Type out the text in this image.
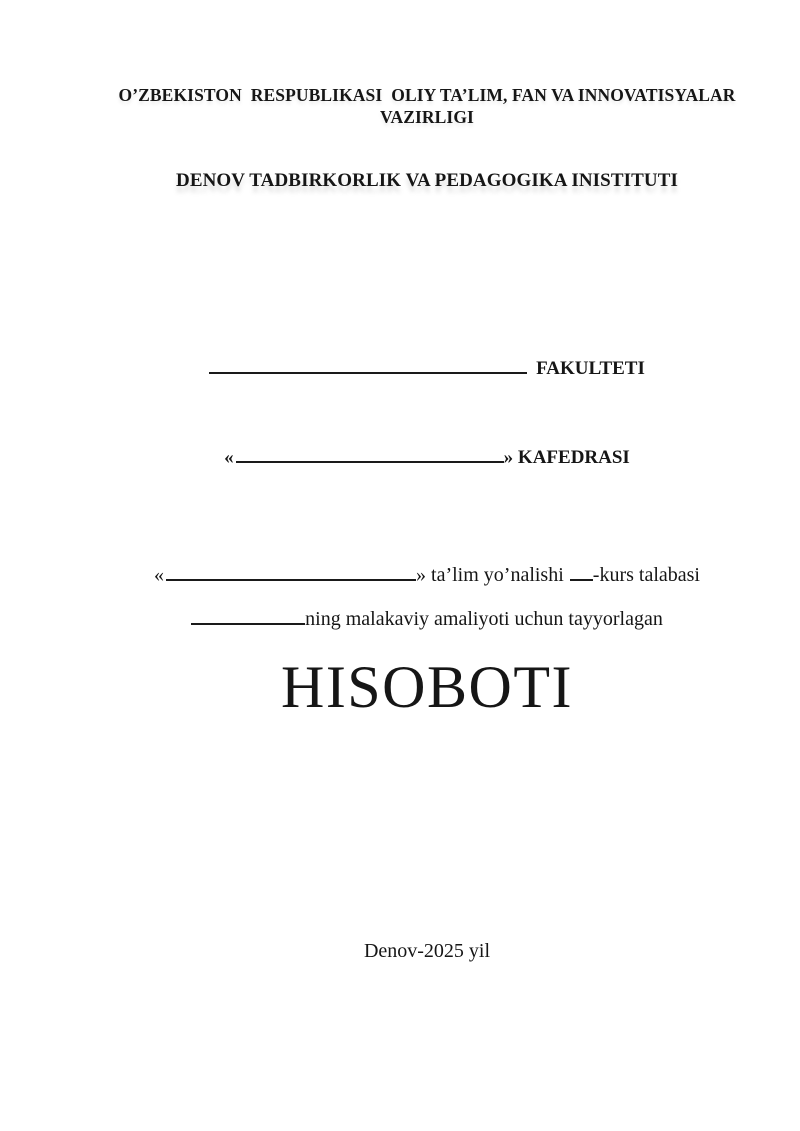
O’ZBEKISTON  RESPUBLIKASI  OLIY TA’LIM, FAN VA INNOVATISYALAR
VAZIRLIGI
DENOV TADBIRKORLIK VA PEDAGOGIKA INISTITUTI
FAKULTETI
«	» KAFEDRASI
«	» ta’lim yo’nalishi -kurs talabasi
ning malakaviy amaliyoti uchun tayyorlagan
HISOBOTI
Denov-2025 yil
